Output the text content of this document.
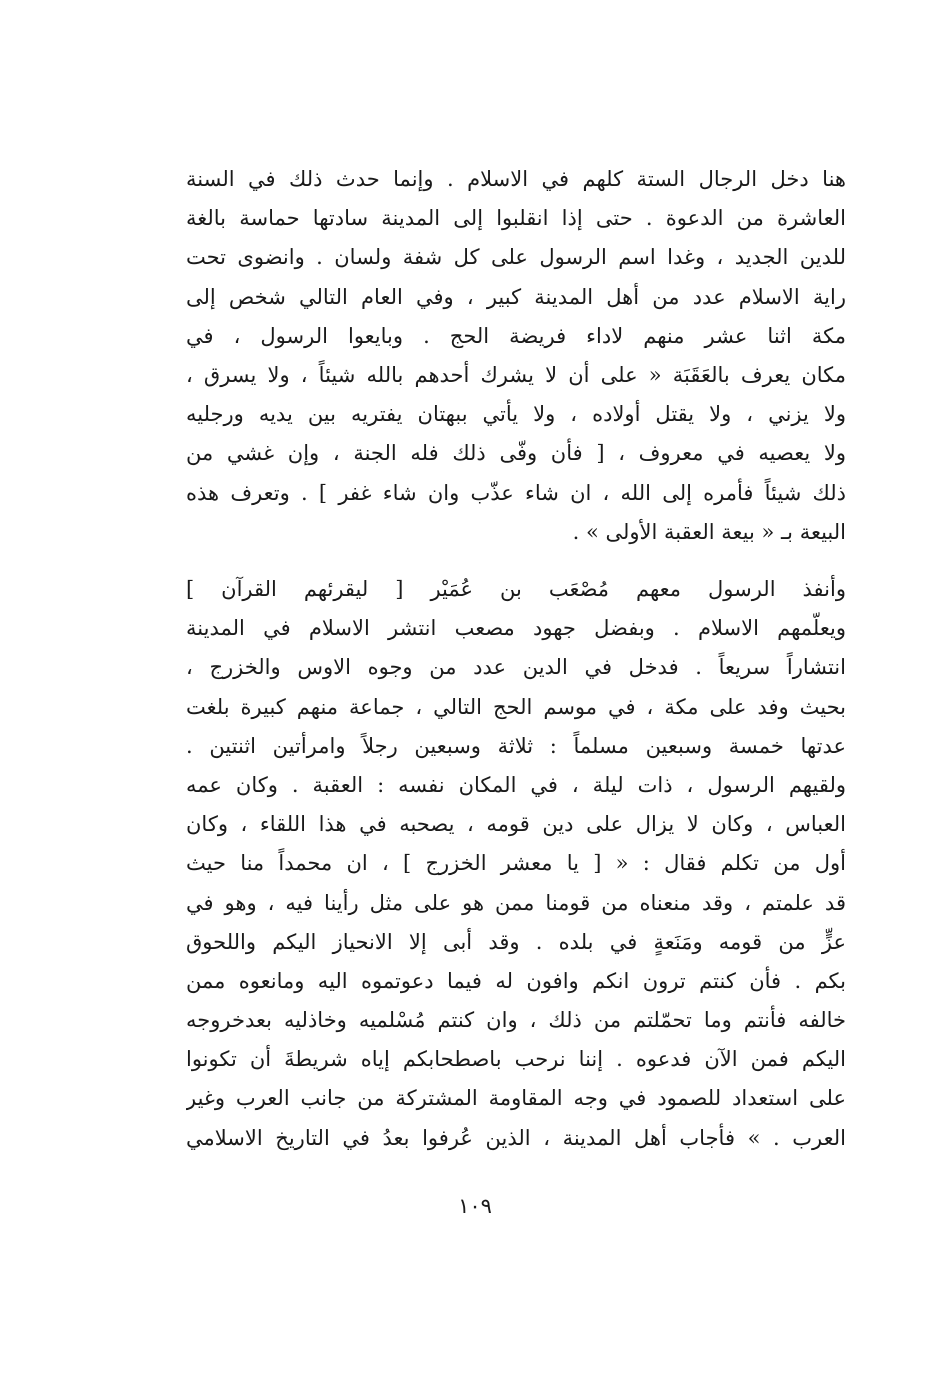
هنا دخل الرجال الستة كلهم في الاسلام . وإنما حدث ذلك في السنة
العاشرة من الدعوة . حتى إذا انقلبوا إلى المدينة سادتها حماسة بالغة
للدين الجديد ، وغدا اسم الرسول على كل شفة ولسان . وانضوى تحت
راية الاسلام عدد من أهل المدينة كبير ، وفي العام التالي شخص إلى
مكة اثنا عشر منهم لاداء فريضة الحج . وبايعوا الرسول ، في
مكان يعرف بالعَقَبَة « على أن لا يشرك أحدهم بالله شيئاً ، ولا يسرق ،
ولا يزني ، ولا يقتل أولاده ، ولا يأتي ببهتان يفتريه بين يديه ورجليه
ولا يعصيه في معروف ، [ فأن وفّى ذلك فله الجنة ، وإن غشي من
ذلك شيئاً فأمره إلى الله ، ان شاء عذّب وان شاء غفر ] . وتعرف هذه
البيعة بـ « بيعة العقبة الأولى » .
وأنفذ الرسول معهم مُصْعَب بن عُمَيْر [ ليقرئهم القرآن ]
ويعلّمهم الاسلام . وبفضل جهود مصعب انتشر الاسلام في المدينة
انتشاراً سريعاً . فدخل في الدين عدد من وجوه الاوس والخزرج ،
بحيث وفد على مكة ، في موسم الحج التالي ، جماعة منهم كبيرة بلغت
عدتها خمسة وسبعين مسلماً : ثلاثة وسبعين رجلاً وامرأتين اثنتين .
ولقيهم الرسول ، ذات ليلة ، في المكان نفسه : العقبة . وكان عمه
العباس ، وكان لا يزال على دين قومه ، يصحبه في هذا اللقاء ، وكان
أول من تكلم فقال : « [ يا معشر الخزرج ] ، ان محمداً منا حيث
قد علمتم ، وقد منعناه من قومنا ممن هو على مثل رأينا فيه ، وهو في
عزٍّ من قومه ومَنَعةٍ في بلده . وقد أبى إلا الانحياز اليكم واللحوق
بكم . فأن كنتم ترون انكم وافون له فيما دعوتموه اليه ومانعوه ممن
خالفه فأنتم وما تحمّلتم من ذلك ، وان كنتم مُسْلميه وخاذليه بعدخروجه
اليكم فمن الآن فدعوه . إننا نرحب باصطحابكم إياه شريطةَ أن تكونوا
على استعداد للصمود في وجه المقاومة المشتركة من جانب العرب وغير
العرب . » فأجاب أهل المدينة ، الذين عُرفوا بعدُ في التاريخ الاسلامي
١٠٩
